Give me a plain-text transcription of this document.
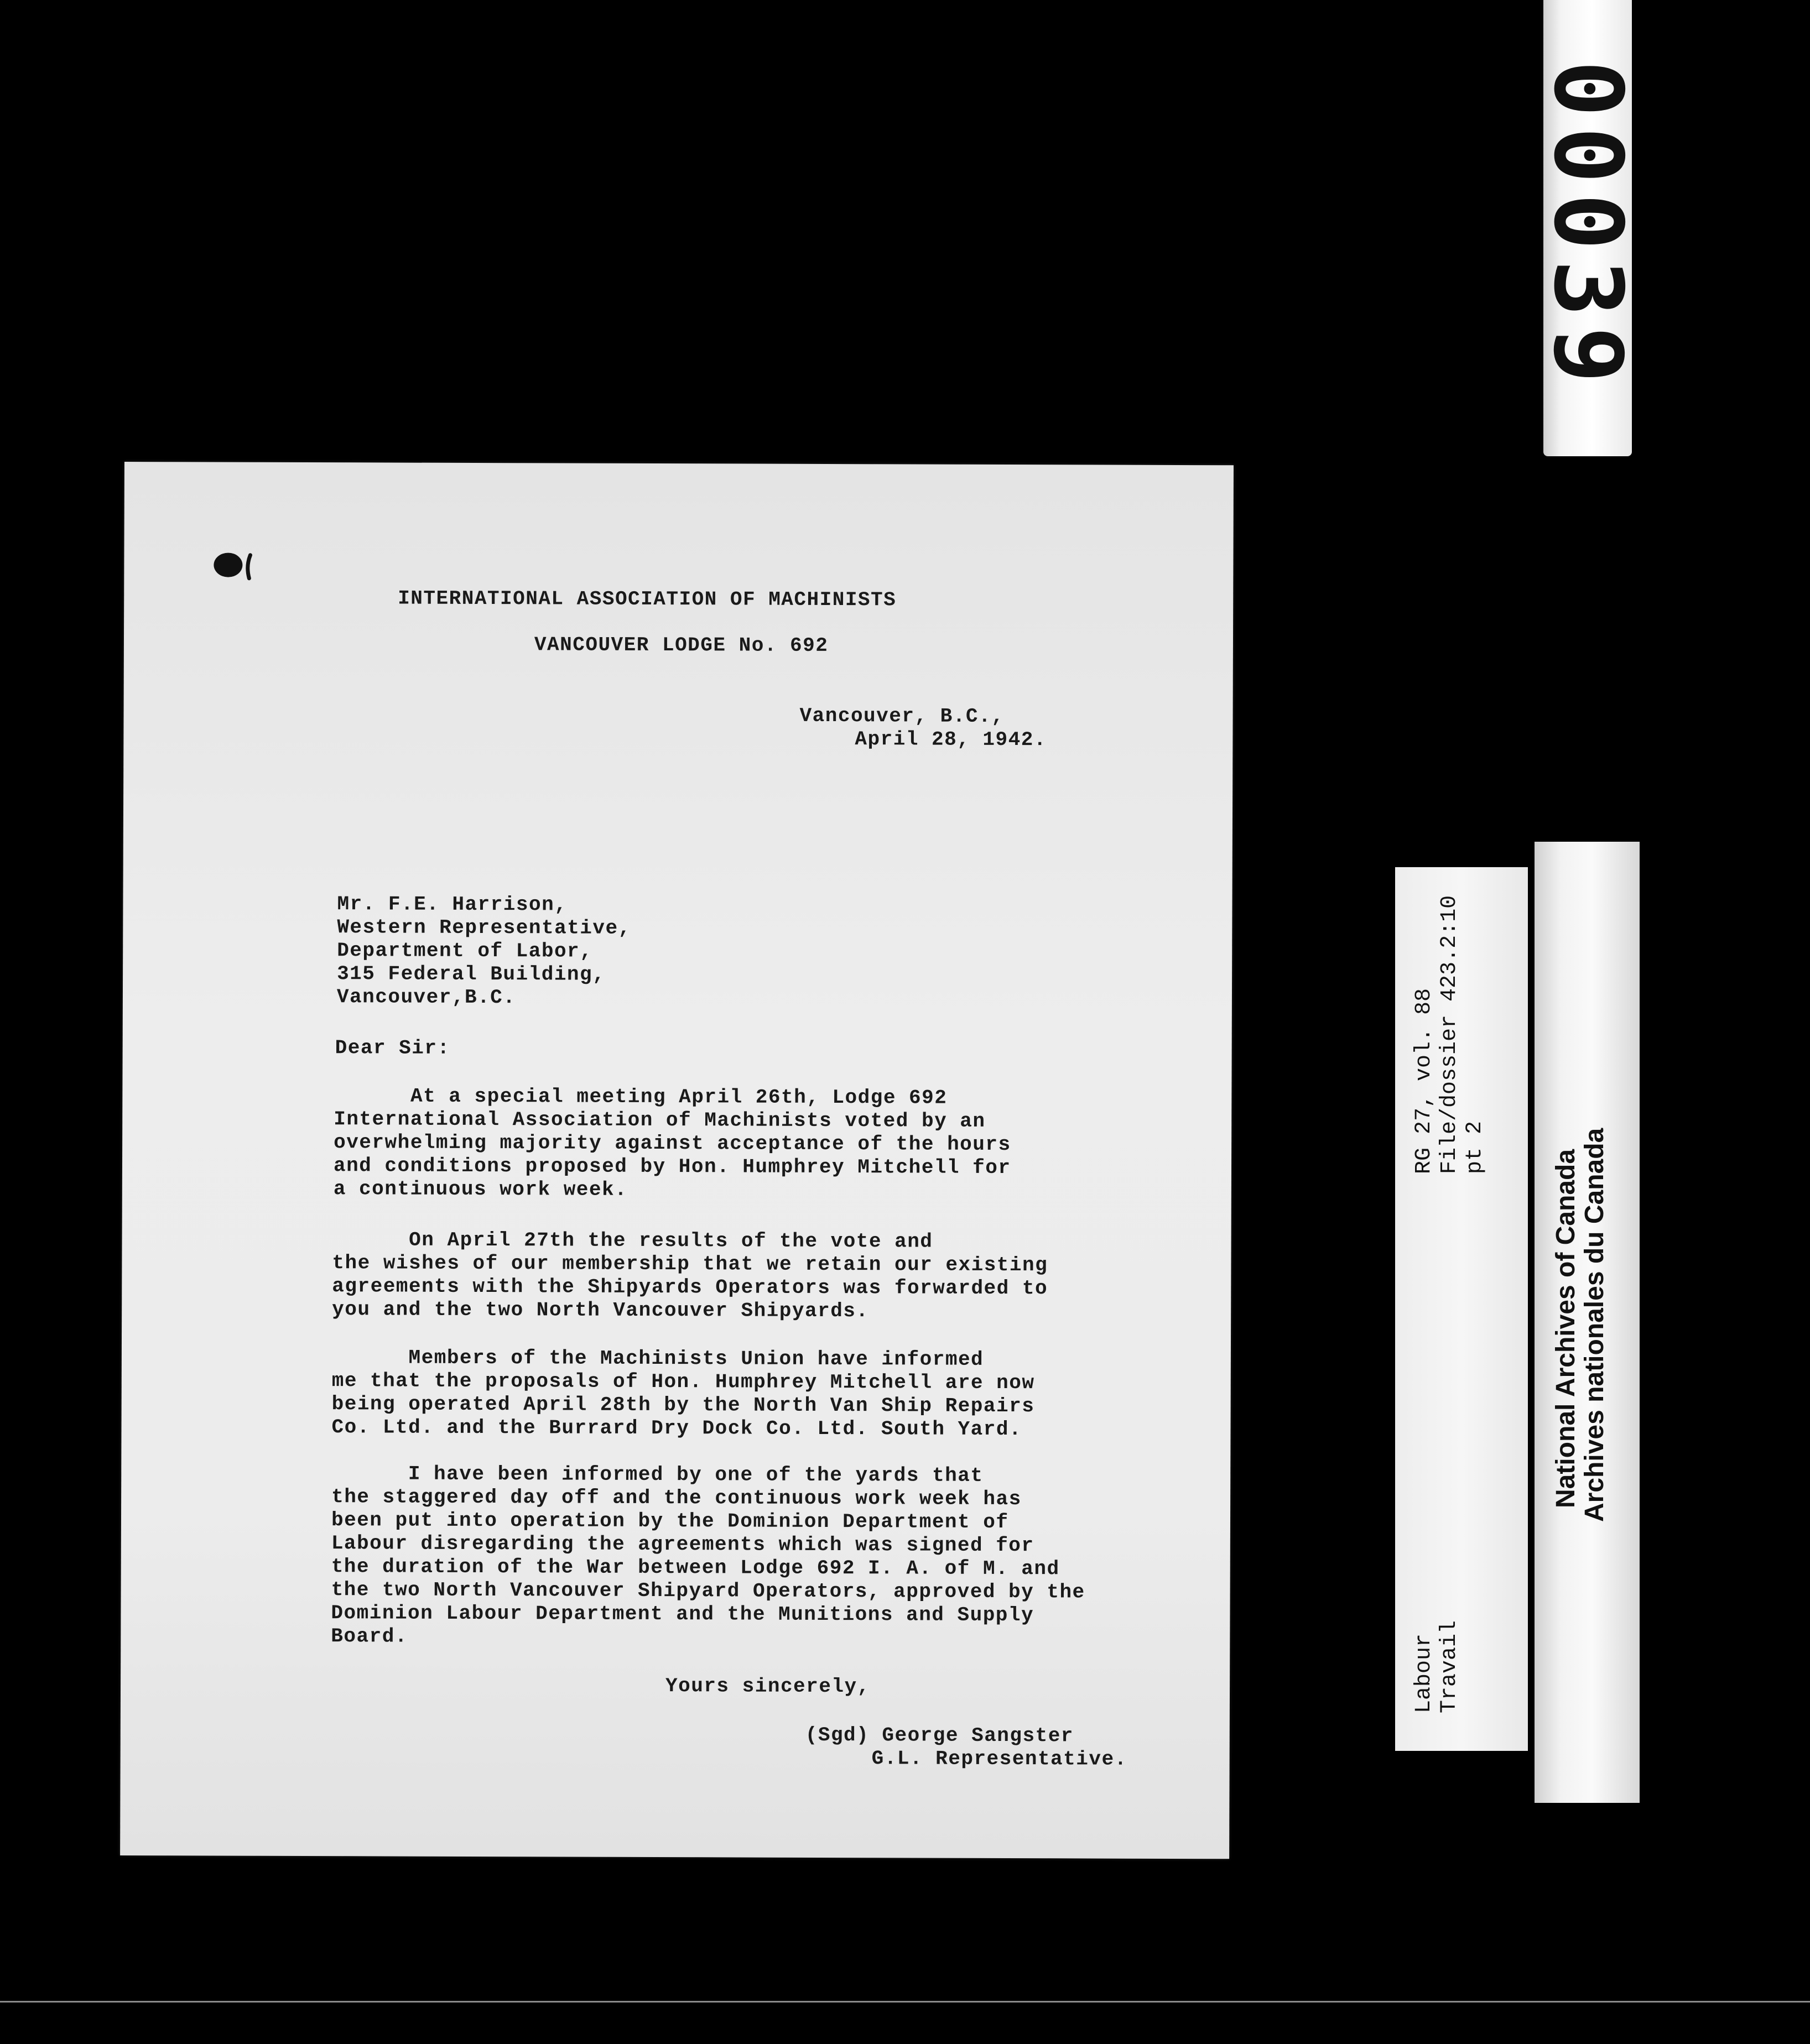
00039
INTERNATIONAL ASSOCIATION OF MACHINISTS
VANCOUVER LODGE No. 692
Vancouver, B.C.,
April 28, 1942.
Mr. F.E. Harrison,
Western Representative,
Department of Labor,
315 Federal Building,
Vancouver,B.C.
Dear Sir:
At a special meeting April 26th, Lodge 692
International Association of Machinists voted by an
overwhelming majority against acceptance of the hours
and conditions proposed by Hon. Humphrey Mitchell for
a continuous work week.
On April 27th the results of the vote and
the wishes of our membership that we retain our existing
agreements with the Shipyards Operators was forwarded to
you and the two North Vancouver Shipyards.
Members of the Machinists Union have informed
me that the proposals of Hon. Humphrey Mitchell are now
being operated April 28th by the North Van Ship Repairs
Co. Ltd. and the Burrard Dry Dock Co. Ltd. South Yard.
I have been informed by one of the yards that
the staggered day off and the continuous work week has
been put into operation by the Dominion Department of
Labour disregarding the agreements which was signed for
the duration of the War between Lodge 692 I. A. of M. and
the two North Vancouver Shipyard Operators, approved by the
Dominion Labour Department and the Munitions and Supply
Board.
Yours sincerely,
(Sgd) George Sangster
G.L. Representative.
RG 27, vol. 88 File/dossier 423.2:10 pt 2
Labour Travail
National Archives of Canada Archives nationales du Canada
